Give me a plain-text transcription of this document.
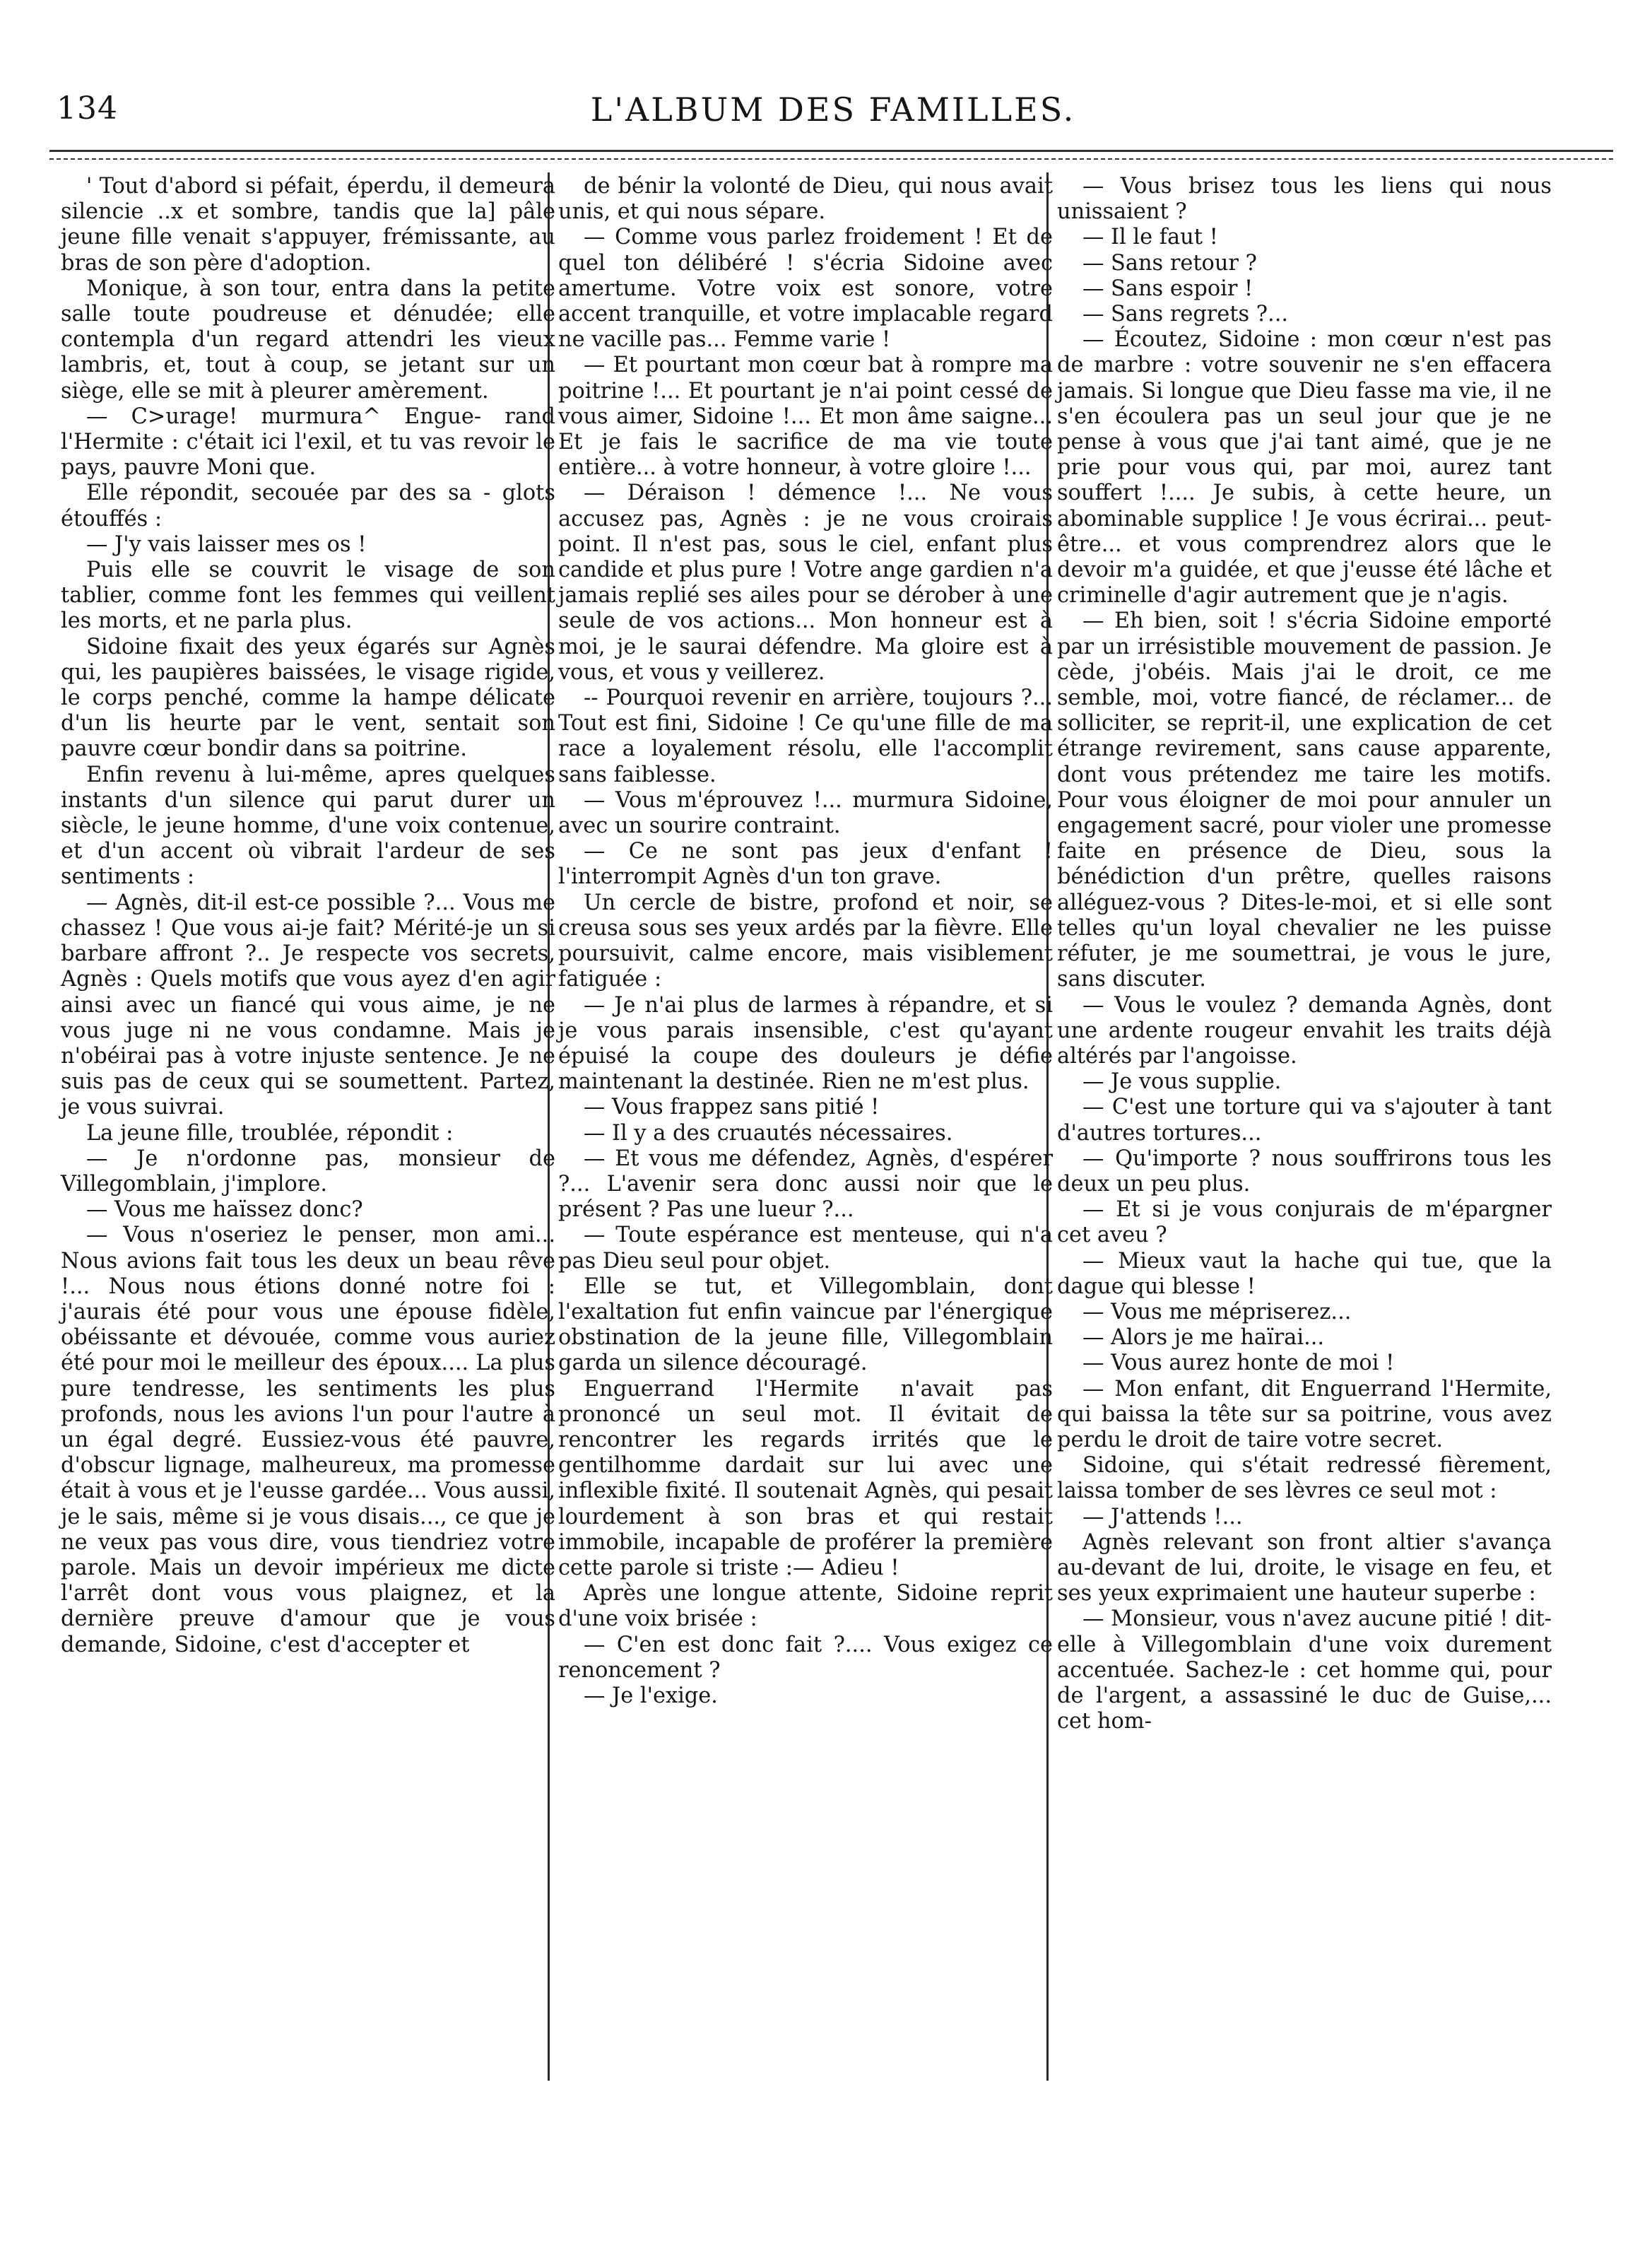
134	L'ALBUM DES FAMILLES.

' Tout d'abord si péfait, éperdu, il demeura silencie ..x et sombre, tandis que la] pâle jeune fille venait s'appuyer, frémissante, au bras de son père d'adoption.

Monique, à son tour, entra dans la petite salle toute poudreuse et dénudée; elle contempla d'un regard attendri les vieux lambris, et, tout à coup, se jetant sur un siège, elle se mit à pleurer amèrement.

— C>urage! murmura^ Engue- rand l'Hermite : c'était ici l'exil, et tu vas revoir le pays, pauvre Moni que.

Elle répondit, secouée par des sa - glots étouffés :

— J'y vais laisser mes os !

Puis elle se couvrit le visage de son tablier, comme font les femmes qui veillent les morts, et ne parla plus.

Sidoine fixait des yeux égarés sur Agnès qui, les paupières baissées, le visage rigide, le corps penché, comme la hampe délicate d'un lis heurte par le vent, sentait son pauvre cœur bondir dans sa poitrine.

Enfin revenu à lui-même, apres quelques instants d'un silence qui parut durer un siècle, le jeune homme, d'une voix contenue, et d'un accent où vibrait l'ardeur de ses sentiments :

— Agnès, dit-il est-ce possible ?... Vous me chassez ! Que vous ai-je fait? Mérité-je un si barbare affront ?.. Je respecte vos secrets, Agnès : Quels motifs que vous ayez d'en agir ainsi avec un fiancé qui vous aime, je ne vous juge ni ne vous condamne. Mais je n'obéirai pas à votre injuste sentence. Je ne suis pas de ceux qui se soumettent. Partez, je vous suivrai.

La jeune fille, troublée, répondit :

— Je n'ordonne pas, monsieur de Villegomblain, j'implore.

— Vous me haïssez donc?

— Vous n'oseriez le penser, mon ami... Nous avions fait tous les deux un beau rêve !... Nous nous étions donné notre foi : j'aurais été pour vous une épouse fidèle, obéissante et dévouée, comme vous auriez été pour moi le meilleur des époux.... La plus pure tendresse, les sentiments les plus profonds, nous les avions l'un pour l'autre à un égal degré. Eussiez-vous été pauvre, d'obscur lignage, malheureux, ma promesse était à vous et je l'eusse gardée... Vous aussi, je le sais, même si je vous disais..., ce que je ne veux pas vous dire, vous tiendriez votre parole. Mais un devoir impérieux me dicte l'arrêt dont vous vous plaignez, et la dernière preuve d'amour que je vous demande, Sidoine, c'est d'accepter et

de bénir la volonté de Dieu, qui nous avait unis, et qui nous sépare.

— Comme vous parlez froidement ! Et de quel ton délibéré ! s'écria Sidoine avec amertume. Votre voix est sonore, votre accent tranquille, et votre implacable regard ne vacille pas... Femme varie !

— Et pourtant mon cœur bat à rompre ma poitrine !... Et pourtant je n'ai point cessé de vous aimer, Sidoine !... Et mon âme saigne... Et je fais le sacrifice de ma vie toute entière... à votre honneur, à votre gloire !...

— Déraison ! démence !... Ne vous accusez pas, Agnès : je ne vous croirais point. Il n'est pas, sous le ciel, enfant plus candide et plus pure ! Votre ange gardien n'a jamais replié ses ailes pour se dérober à une seule de vos actions... Mon honneur est à moi, je le saurai défendre. Ma gloire est à vous, et vous y veillerez.

-- Pourquoi revenir en arrière, toujours ?... Tout est fini, Sidoine ! Ce qu'une fille de ma race a loyalement résolu, elle l'accomplit sans faiblesse.

— Vous m'éprouvez !... murmura Sidoine, avec un sourire contraint.

— Ce ne sont pas jeux d'enfant ! l'interrompit Agnès d'un ton grave.

Un cercle de bistre, profond et noir, se creusa sous ses yeux ardés par la fièvre. Elle poursuivit, calme encore, mais visiblement fatiguée :

— Je n'ai plus de larmes à répandre, et si je vous parais insensible, c'est qu'ayant épuisé la coupe des douleurs je défie maintenant la destinée. Rien ne m'est plus.

— Vous frappez sans pitié !

— Il y a des cruautés nécessaires.

— Et vous me défendez, Agnès, d'espérer ?... L'avenir sera donc aussi noir que le présent ? Pas une lueur ?...

— Toute espérance est menteuse, qui n'a pas Dieu seul pour objet.

Elle se tut, et Villegomblain, dont l'exaltation fut enfin vaincue par l'énergique obstination de la jeune fille, Villegomblain garda un silence découragé.

Enguerrand l'Hermite n'avait pas prononcé un seul mot. Il évitait de rencontrer les regards irrités que le gentilhomme dardait sur lui avec une inflexible fixité. Il soutenait Agnès, qui pesait lourdement à son bras et qui restait immobile, incapable de proférer la première cette parole si triste :— Adieu !

Après une longue attente, Sidoine reprit d'une voix brisée :

— C'en est donc fait ?.... Vous exigez ce renoncement ?

— Je l'exige.

— Vous brisez tous les liens qui nous unissaient ?

— Il le faut !

— Sans retour ?

— Sans espoir !

— Sans regrets ?...

— Écoutez, Sidoine : mon cœur n'est pas de marbre : votre souvenir ne s'en effacera jamais. Si longue que Dieu fasse ma vie, il ne s'en écoulera pas un seul jour que je ne pense à vous que j'ai tant aimé, que je ne prie pour vous qui, par moi, aurez tant souffert !.... Je subis, à cette heure, un abominable supplice ! Je vous écrirai... peut-être... et vous comprendrez alors que le devoir m'a guidée, et que j'eusse été lâche et criminelle d'agir autrement que je n'agis.

— Eh bien, soit ! s'écria Sidoine emporté par un irrésistible mouvement de passion. Je cède, j'obéis. Mais j'ai le droit, ce me semble, moi, votre fiancé, de réclamer... de solliciter, se reprit-il, une explication de cet étrange revirement, sans cause apparente, dont vous prétendez me taire les motifs. Pour vous éloigner de moi pour annuler un engagement sacré, pour violer une promesse faite en présence de Dieu, sous la bénédiction d'un prêtre, quelles raisons alléguez-vous ? Dites-le-moi, et si elle sont telles qu'un loyal chevalier ne les puisse réfuter, je me soumettrai, je vous le jure, sans discuter.

— Vous le voulez ? demanda Agnès, dont une ardente rougeur envahit les traits déjà altérés par l'angoisse.

— Je vous supplie.

— C'est une torture qui va s'ajouter à tant d'autres tortures...

— Qu'importe ? nous souffrirons tous les deux un peu plus.

— Et si je vous conjurais de m'épargner cet aveu ?

— Mieux vaut la hache qui tue, que la dague qui blesse !

— Vous me mépriserez...

— Alors je me haïrai...

— Vous aurez honte de moi !

— Mon enfant, dit Enguerrand l'Hermite, qui baissa la tête sur sa poitrine, vous avez perdu le droit de taire votre secret.

Sidoine, qui s'était redressé fièrement, laissa tomber de ses lèvres ce seul mot :

— J'attends !...

Agnès relevant son front altier s'avança au-devant de lui, droite, le visage en feu, et ses yeux exprimaient une hauteur superbe :

— Monsieur, vous n'avez aucune pitié ! dit-elle à Villegomblain d'une voix durement accentuée. Sachez-le : cet homme qui, pour de l'argent, a assassiné le duc de Guise,... cet hom-
